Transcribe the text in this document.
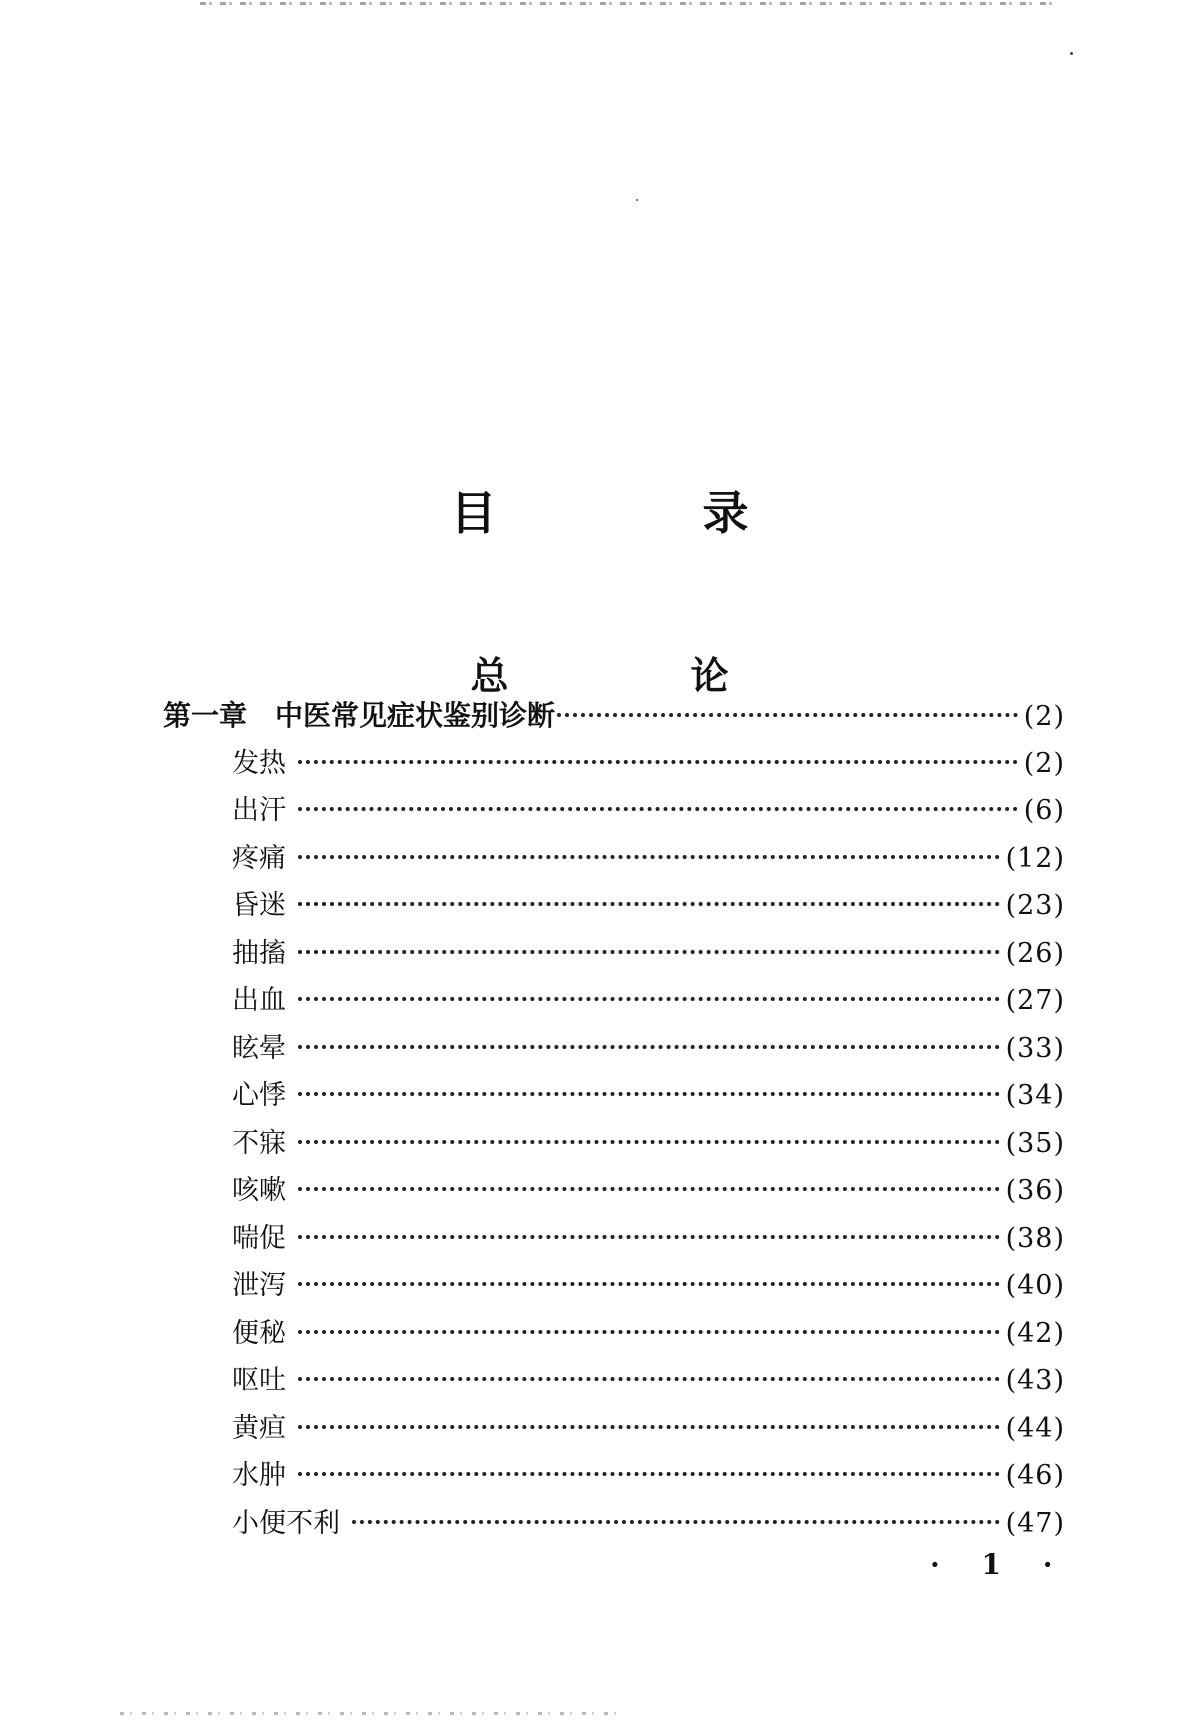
目　录
总　论
第一章　中医常见症状鉴别诊断	(2)
发热	(2)
出汗	(6)
疼痛	(12)
昏迷	(23)
抽搐	(26)
出血	(27)
眩晕	(33)
心悸	(34)
不寐	(35)
咳嗽	(36)
喘促	(38)
泄泻	(40)
便秘	(42)
呕吐	(43)
黄疸	(44)
水肿	(46)
小便不利	(47)
· 1 ·
